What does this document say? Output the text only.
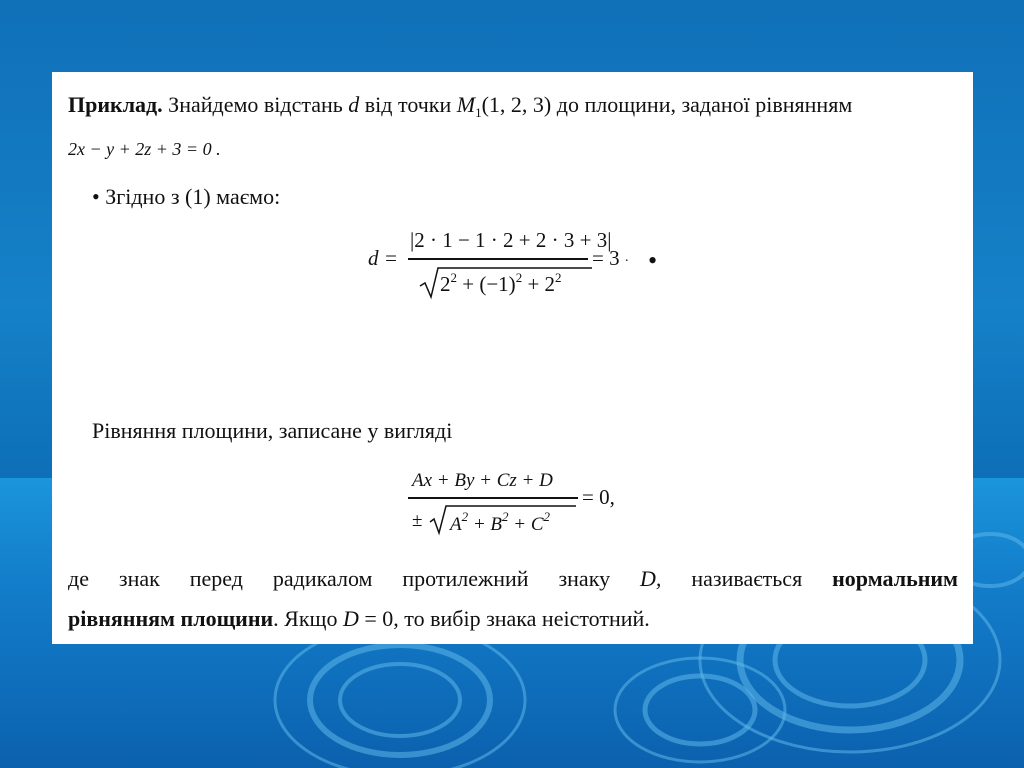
Приклад. Знайдемо відстань d від точки $M_1(1$, 2, 3) до площини, заданої рівнянням
2x − y + 2z + 3 = 0 .
• Згідно з (1) маємо:
d =
|2 · 1 − 1 · 2 + 2 · 3 + 3|
$2^2 + (-1)^2 + 2^2$
= 3 . •
Рівняння площини, записане у вигляді
Ax + By + Cz + D
± $A^2 + B^2 + C^2$
= 0,
де знак перед радикалом протилежний знаку D, називається нормальним
рівнянням площини. Якщо D = 0, то вибір знака неістотний.
